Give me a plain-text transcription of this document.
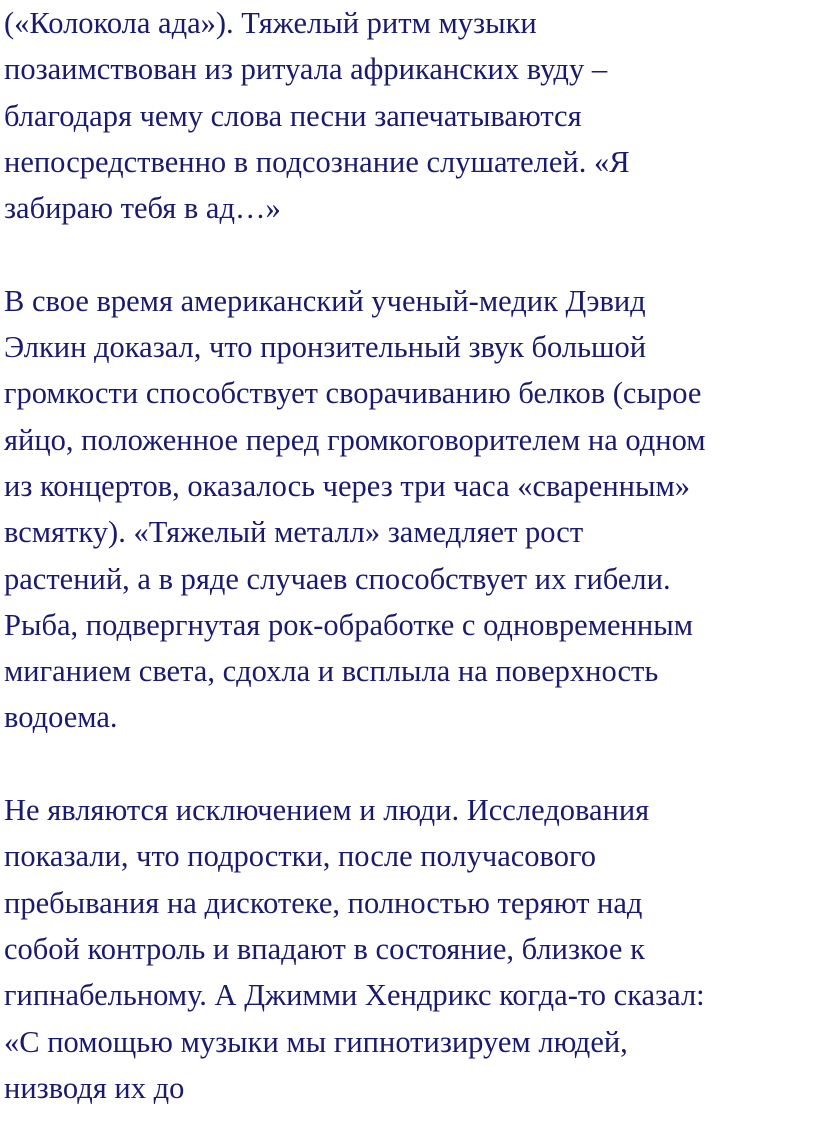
(«Колокола ада»). Тяжелый ритм музыки
позаимствован из ритуала африканских вуду –
благодаря чему слова песни запечатываются
непосредственно в подсознание слушателей. «Я
забираю тебя в ад…»

В свое время американский ученый-медик Дэвид
Элкин доказал, что пронзительный звук большой
громкости способствует сворачиванию белков (сырое
яйцо, положенное перед громкоговорителем на одном
из концертов, оказалось через три часа «сваренным»
всмятку). «Тяжелый металл» замедляет рост
растений, а в ряде случаев способствует их гибели.
Рыба, подвергнутая рок-обработке с одновременным
миганием света, сдохла и всплыла на поверхность
водоема.

Не являются исключением и люди. Исследования
показали, что подростки, после получасового
пребывания на дискотеке, полностью теряют над
собой контроль и впадают в состояние, близкое к
гипнабельному. А Джимми Хендрикс когда-то сказал:
«С помощью музыки мы гипнотизируем людей,
низводя их до
